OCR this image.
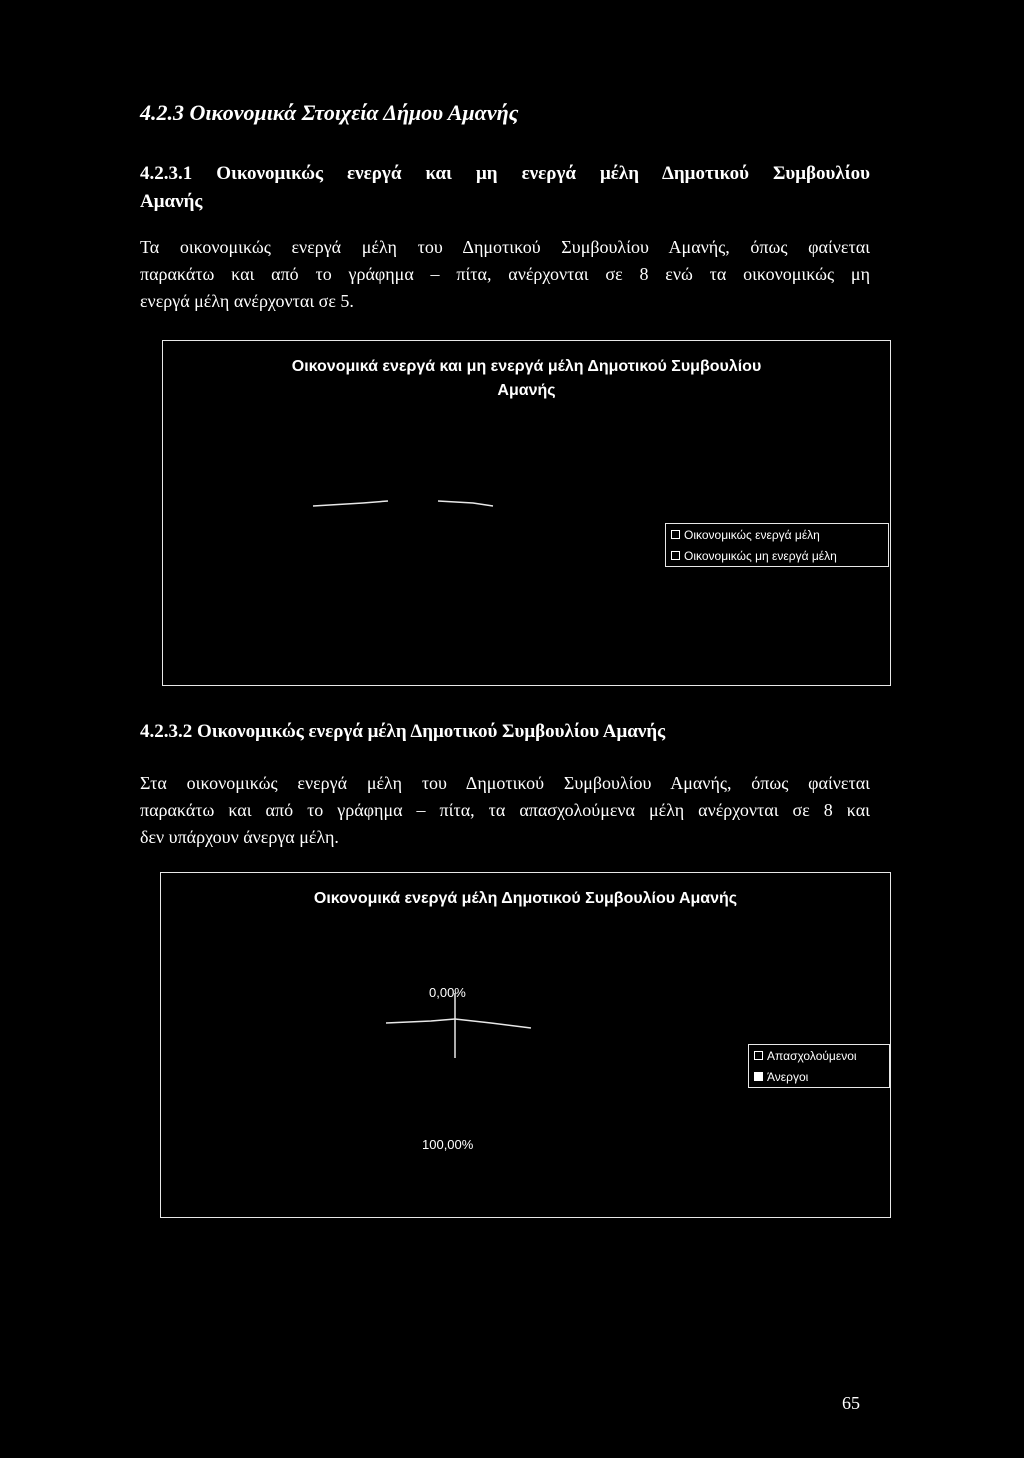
4.2.3 Οικονομικά Στοιχεία Δήμου Αμανής
4.2.3.1 Οικονομικώς ενεργά και μη ενεργά μέλη Δημοτικού Συμβουλίου
Αμανής
Τα οικονομικώς ενεργά μέλη του Δημοτικού Συμβουλίου Αμανής, όπως φαίνεται
παρακάτω και από το γράφημα – πίτα, ανέρχονται σε 8 ενώ τα οικονομικώς μη
ενεργά μέλη ανέρχονται σε 5.
Οικονομικά ενεργά και μη ενεργά μέλη Δημοτικού Συμβουλίου
Αμανής
Οικονομικώς ενεργά μέλη
Οικονομικώς μη ενεργά μέλη
4.2.3.2 Οικονομικώς ενεργά μέλη Δημοτικού Συμβουλίου Αμανής
Στα οικονομικώς ενεργά μέλη του Δημοτικού Συμβουλίου Αμανής, όπως φαίνεται
παρακάτω και από το γράφημα – πίτα, τα απασχολούμενα μέλη ανέρχονται σε 8 και
δεν υπάρχουν άνεργα μέλη.
Οικονομικά ενεργά μέλη Δημοτικού Συμβουλίου Αμανής
0,00%
100,00%
Απασχολούμενοι
Άνεργοι
65
